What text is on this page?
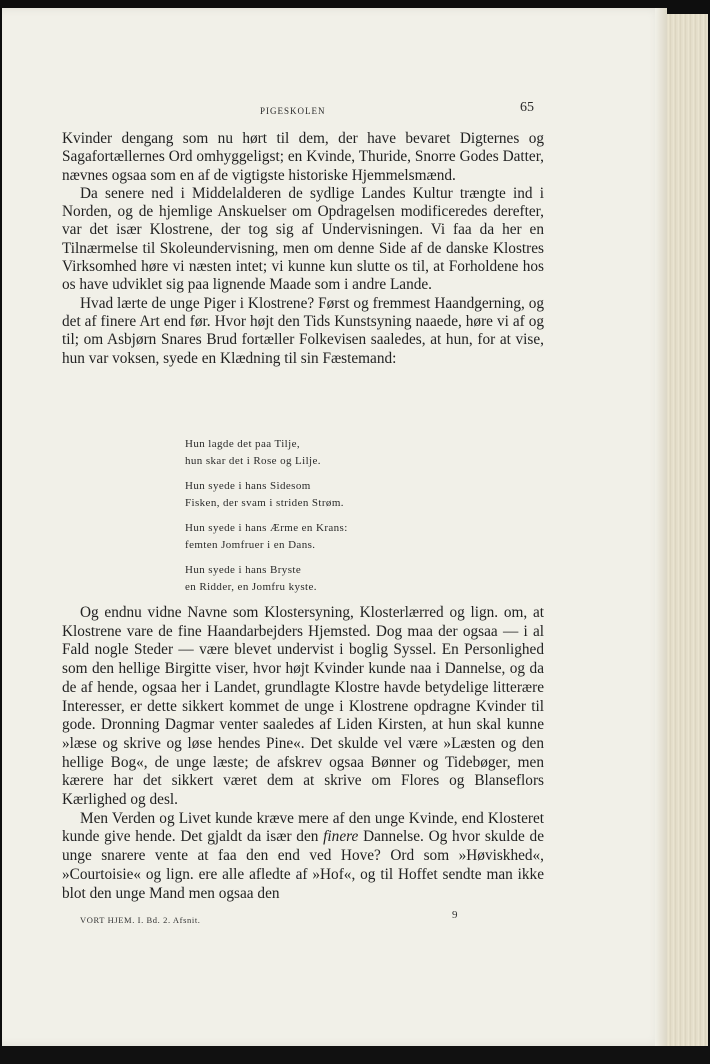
PIGESKOLEN	65

Kvinder dengang som nu hørt til dem, der have bevaret Digternes og Sagafortællernes Ord omhyggeligst; en Kvinde, Thuride, Snorre Godes Datter, nævnes ogsaa som en af de vigtigste historiske Hjemmelsmænd.

Da senere ned i Middelalderen de sydlige Landes Kultur trængte ind i Norden, og de hjemlige Anskuelser om Opdragelsen modificeredes derefter, var det især Klostrene, der tog sig af Undervisningen. Vi faa da her en Tilnærmelse til Skoleundervisning, men om denne Side af de danske Klostres Virksomhed høre vi næsten intet; vi kunne kun slutte os til, at Forholdene hos os have udviklet sig paa lignende Maade som i andre Lande.

Hvad lærte de unge Piger i Klostrene? Først og fremmest Haandgerning, og det af finere Art end før. Hvor højt den Tids Kunstsyning naaede, høre vi af og til; om Asbjørn Snares Brud fortæller Folkevisen saaledes, at hun, for at vise, hun var voksen, syede en Klædning til sin Fæstemand:

Hun lagde det paa Tilje,
hun skar det i Rose og Lilje.
Hun syede i hans Sidesom
Fisken, der svam i striden Strøm.
Hun syede i hans Ærme en Krans:
femten Jomfruer i en Dans.
Hun syede i hans Bryste
en Ridder, en Jomfru kyste.

Og endnu vidne Navne som Klostersyning, Klosterlærred og lign. om, at Klostrene vare de fine Haandarbejders Hjemsted. Dog maa der ogsaa — i al Fald nogle Steder — være blevet undervist i boglig Syssel. En Personlighed som den hellige Birgitte viser, hvor højt Kvinder kunde naa i Dannelse, og da de af hende, ogsaa her i Landet, grundlagte Klostre havde betydelige litterære Interesser, er dette sikkert kommet de unge i Klostrene opdragne Kvinder til gode. Dronning Dagmar venter saaledes af Liden Kirsten, at hun skal kunne »læse og skrive og løse hendes Pine«. Det skulde vel være »Læsten og den hellige Bog«, de unge læste; de afskrev ogsaa Bønner og Tidebøger, men kærere har det sikkert været dem at skrive om Flores og Blanseflors Kærlighed og desl.

Men Verden og Livet kunde kræve mere af den unge Kvinde, end Klosteret kunde give hende. Det gjaldt da især den finere Dannelse. Og hvor skulde de unge snarere vente at faa den end ved Hove? Ord som »Høviskhed«, »Courtoisie« og lign. ere alle afledte af »Hof«, og til Hoffet sendte man ikke blot den unge Mand men ogsaa den

VORT HJEM. I. Bd. 2. Afsnit.	9
